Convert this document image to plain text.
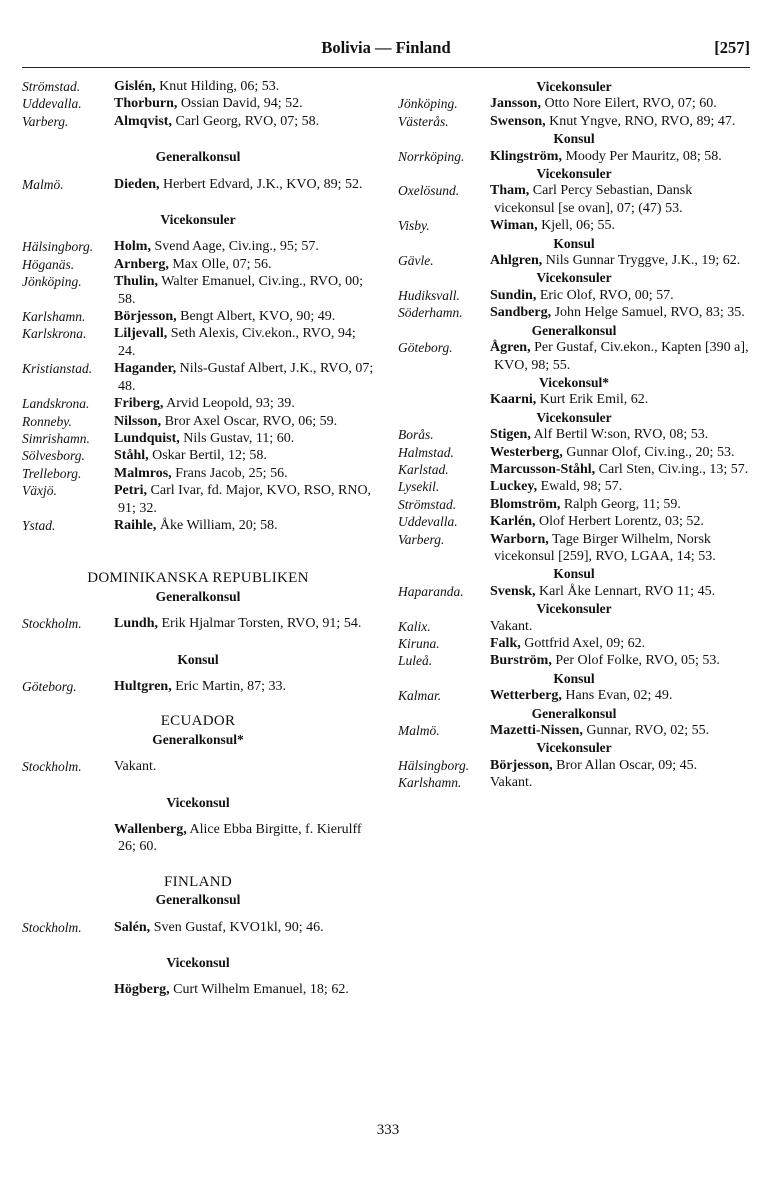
Bolivia — Finland	[257]
Strömstad.	Gislén, Knut Hilding, 06; 53.
Uddevalla.	Thorburn, Ossian David, 94; 52.
Varberg.	Almqvist, Carl Georg, RVO, 07; 58.
Generalkonsul
Malmö.	Dieden, Herbert Edvard, J.K., KVO, 89; 52.
Vicekonsuler
Hälsingborg.	Holm, Svend Aage, Civ.ing., 95; 57.
Höganäs.	Arnberg, Max Olle, 07; 56.
Jönköping.	Thulin, Walter Emanuel, Civ.ing., RVO, 00; 58.
Karlshamn.	Börjesson, Bengt Albert, KVO, 90; 49.
Karlskrona.	Liljevall, Seth Alexis, Civ.ekon., RVO, 94; 24.
Kristianstad.	Hagander, Nils-Gustaf Albert, J.K., RVO, 07; 48.
Landskrona.	Friberg, Arvid Leopold, 93; 39.
Ronneby.	Nilsson, Bror Axel Oscar, RVO, 06; 59.
Simrishamn.	Lundquist, Nils Gustav, 11; 60.
Sölvesborg.	Ståhl, Oskar Bertil, 12; 58.
Trelleborg.	Malmros, Frans Jacob, 25; 56.
Växjö.	Petri, Carl Ivar, fd. Major, KVO, RSO, RNO, 91; 32.
Ystad.	Raihle, Åke William, 20; 58.
DOMINIKANSKA REPUBLIKEN
Generalkonsul
Stockholm.	Lundh, Erik Hjalmar Torsten, RVO, 91; 54.
Konsul
Göteborg.	Hultgren, Eric Martin, 87; 33.
ECUADOR
Generalkonsul*
Stockholm.	Vakant.
Vicekonsul
Wallenberg, Alice Ebba Birgitte, f. Kierulff 26; 60.
FINLAND
Generalkonsul
Stockholm.	Salén, Sven Gustaf, KVO1kl, 90; 46.
Vicekonsul
Högberg, Curt Wilhelm Emanuel, 18; 62.
Vicekonsuler
Jönköping.	Jansson, Otto Nore Eilert, RVO, 07; 60.
Västerås.	Swenson, Knut Yngve, RNO, RVO, 89; 47.
Konsul
Norrköping.	Klingström, Moody Per Mauritz, 08; 58.
Vicekonsuler
Oxelösund.	Tham, Carl Percy Sebastian, Dansk vicekonsul [se ovan], 07; (47) 53.
Visby.	Wiman, Kjell, 06; 55.
Konsul
Gävle.	Ahlgren, Nils Gunnar Tryggve, J.K., 19; 62.
Vicekonsuler
Hudiksvall.	Sundin, Eric Olof, RVO, 00; 57.
Söderhamn.	Sandberg, John Helge Samuel, RVO, 83; 35.
Generalkonsul
Göteborg.	Ågren, Per Gustaf, Civ.ekon., Kapten [390 a], KVO, 98; 55.
Vicekonsul*
Kaarni, Kurt Erik Emil, 62.
Vicekonsuler
Borås.	Stigen, Alf Bertil W:son, RVO, 08; 53.
Halmstad.	Westerberg, Gunnar Olof, Civ.ing., 20; 53.
Karlstad.	Marcusson-Ståhl, Carl Sten, Civ.ing., 13; 57.
Lysekil.	Luckey, Ewald, 98; 57.
Strömstad.	Blomström, Ralph Georg, 11; 59.
Uddevalla.	Karlén, Olof Herbert Lorentz, 03; 52.
Varberg.	Warborn, Tage Birger Wilhelm, Norsk vicekonsul [259], RVO, LGAA, 14; 53.
Konsul
Haparanda.	Svensk, Karl Åke Lennart, RVO 11; 45.
Vicekonsuler
Kalix.	Vakant.
Kiruna.	Falk, Gottfrid Axel, 09; 62.
Luleå.	Burström, Per Olof Folke, RVO, 05; 53.
Konsul
Kalmar.	Wetterberg, Hans Evan, 02; 49.
Generalkonsul
Malmö.	Mazetti-Nissen, Gunnar, RVO, 02; 55.
Vicekonsuler
Hälsingborg.	Börjesson, Bror Allan Oscar, 09; 45.
Karlshamn.	Vakant.
333
